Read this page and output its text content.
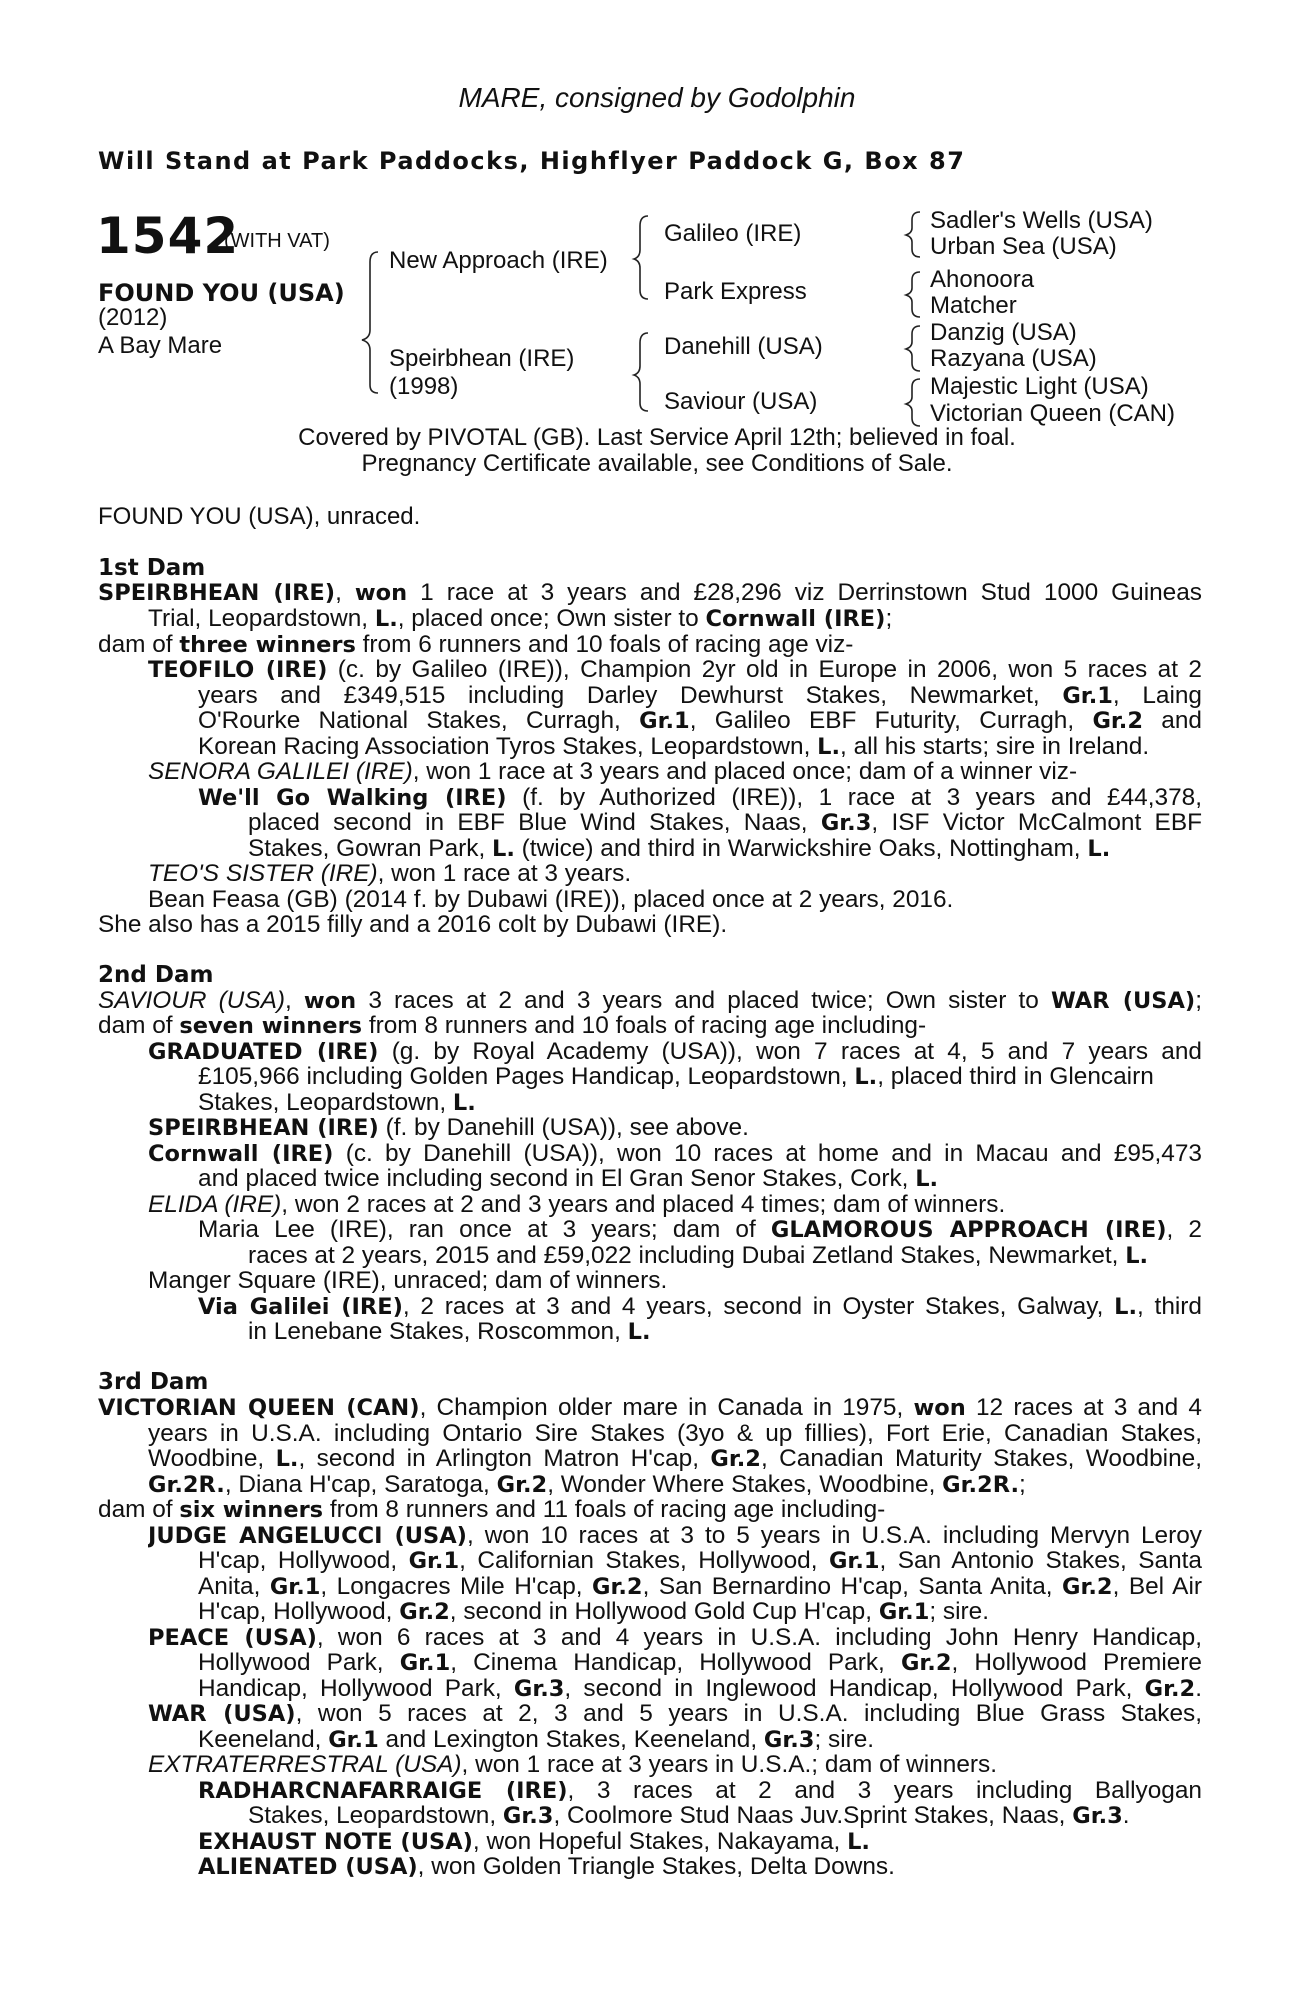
MARE, consigned by Godolphin
Will Stand at Park Paddocks, Highflyer Paddock G, Box 87
1542
(WITH VAT)
FOUND YOU (USA)
(2012)
A Bay Mare
New Approach (IRE)
Speirbhean (IRE)
(1998)
Galileo (IRE)
Park Express
Danehill (USA)
Saviour (USA)
Sadler's Wells (USA)
Urban Sea (USA)
Ahonoora
Matcher
Danzig (USA)
Razyana (USA)
Majestic Light (USA)
Victorian Queen (CAN)
Covered by PIVOTAL (GB). Last Service April 12th; believed in foal.
Pregnancy Certificate available, see Conditions of Sale.
FOUND YOU (USA), unraced.
1st Dam
SPEIRBHEAN (IRE), won 1 race at 3 years and £28,296 viz Derrinstown Stud 1000 Guineas
Trial, Leopardstown, L., placed once; Own sister to Cornwall (IRE);
dam of three winners from 6 runners and 10 foals of racing age viz-
TEOFILO (IRE) (c. by Galileo (IRE)), Champion 2yr old in Europe in 2006, won 5 races at 2
years and £349,515 including Darley Dewhurst Stakes, Newmarket, Gr.1, Laing
O'Rourke National Stakes, Curragh, Gr.1, Galileo EBF Futurity, Curragh, Gr.2 and
Korean Racing Association Tyros Stakes, Leopardstown, L., all his starts; sire in Ireland.
SENORA GALILEI (IRE), won 1 race at 3 years and placed once; dam of a winner viz-
We'll Go Walking (IRE) (f. by Authorized (IRE)), 1 race at 3 years and £44,378,
placed second in EBF Blue Wind Stakes, Naas, Gr.3, ISF Victor McCalmont EBF
Stakes, Gowran Park, L. (twice) and third in Warwickshire Oaks, Nottingham, L.
TEO'S SISTER (IRE), won 1 race at 3 years.
Bean Feasa (GB) (2014 f. by Dubawi (IRE)), placed once at 2 years, 2016.
She also has a 2015 filly and a 2016 colt by Dubawi (IRE).
2nd Dam
SAVIOUR (USA), won 3 races at 2 and 3 years and placed twice; Own sister to WAR (USA);
dam of seven winners from 8 runners and 10 foals of racing age including-
GRADUATED (IRE) (g. by Royal Academy (USA)), won 7 races at 4, 5 and 7 years and
£105,966 including Golden Pages Handicap, Leopardstown, L., placed third in Glencairn
Stakes, Leopardstown, L.
SPEIRBHEAN (IRE) (f. by Danehill (USA)), see above.
Cornwall (IRE) (c. by Danehill (USA)), won 10 races at home and in Macau and £95,473
and placed twice including second in El Gran Senor Stakes, Cork, L.
ELIDA (IRE), won 2 races at 2 and 3 years and placed 4 times; dam of winners.
Maria Lee (IRE), ran once at 3 years; dam of GLAMOROUS APPROACH (IRE), 2
races at 2 years, 2015 and £59,022 including Dubai Zetland Stakes, Newmarket, L.
Manger Square (IRE), unraced; dam of winners.
Via Galilei (IRE), 2 races at 3 and 4 years, second in Oyster Stakes, Galway, L., third
in Lenebane Stakes, Roscommon, L.
3rd Dam
VICTORIAN QUEEN (CAN), Champion older mare in Canada in 1975, won 12 races at 3 and 4
years in U.S.A. including Ontario Sire Stakes (3yo & up fillies), Fort Erie, Canadian Stakes,
Woodbine, L., second in Arlington Matron H'cap, Gr.2, Canadian Maturity Stakes, Woodbine,
Gr.2R., Diana H'cap, Saratoga, Gr.2, Wonder Where Stakes, Woodbine, Gr.2R.;
dam of six winners from 8 runners and 11 foals of racing age including-
JUDGE ANGELUCCI (USA), won 10 races at 3 to 5 years in U.S.A. including Mervyn Leroy
H'cap, Hollywood, Gr.1, Californian Stakes, Hollywood, Gr.1, San Antonio Stakes, Santa
Anita, Gr.1, Longacres Mile H'cap, Gr.2, San Bernardino H'cap, Santa Anita, Gr.2, Bel Air
H'cap, Hollywood, Gr.2, second in Hollywood Gold Cup H'cap, Gr.1; sire.
PEACE (USA), won 6 races at 3 and 4 years in U.S.A. including John Henry Handicap,
Hollywood Park, Gr.1, Cinema Handicap, Hollywood Park, Gr.2, Hollywood Premiere
Handicap, Hollywood Park, Gr.3, second in Inglewood Handicap, Hollywood Park, Gr.2.
WAR (USA), won 5 races at 2, 3 and 5 years in U.S.A. including Blue Grass Stakes,
Keeneland, Gr.1 and Lexington Stakes, Keeneland, Gr.3; sire.
EXTRATERRESTRAL (USA), won 1 race at 3 years in U.S.A.; dam of winners.
RADHARCNAFARRAIGE (IRE), 3 races at 2 and 3 years including Ballyogan
Stakes, Leopardstown, Gr.3, Coolmore Stud Naas Juv.Sprint Stakes, Naas, Gr.3.
EXHAUST NOTE (USA), won Hopeful Stakes, Nakayama, L.
ALIENATED (USA), won Golden Triangle Stakes, Delta Downs.
